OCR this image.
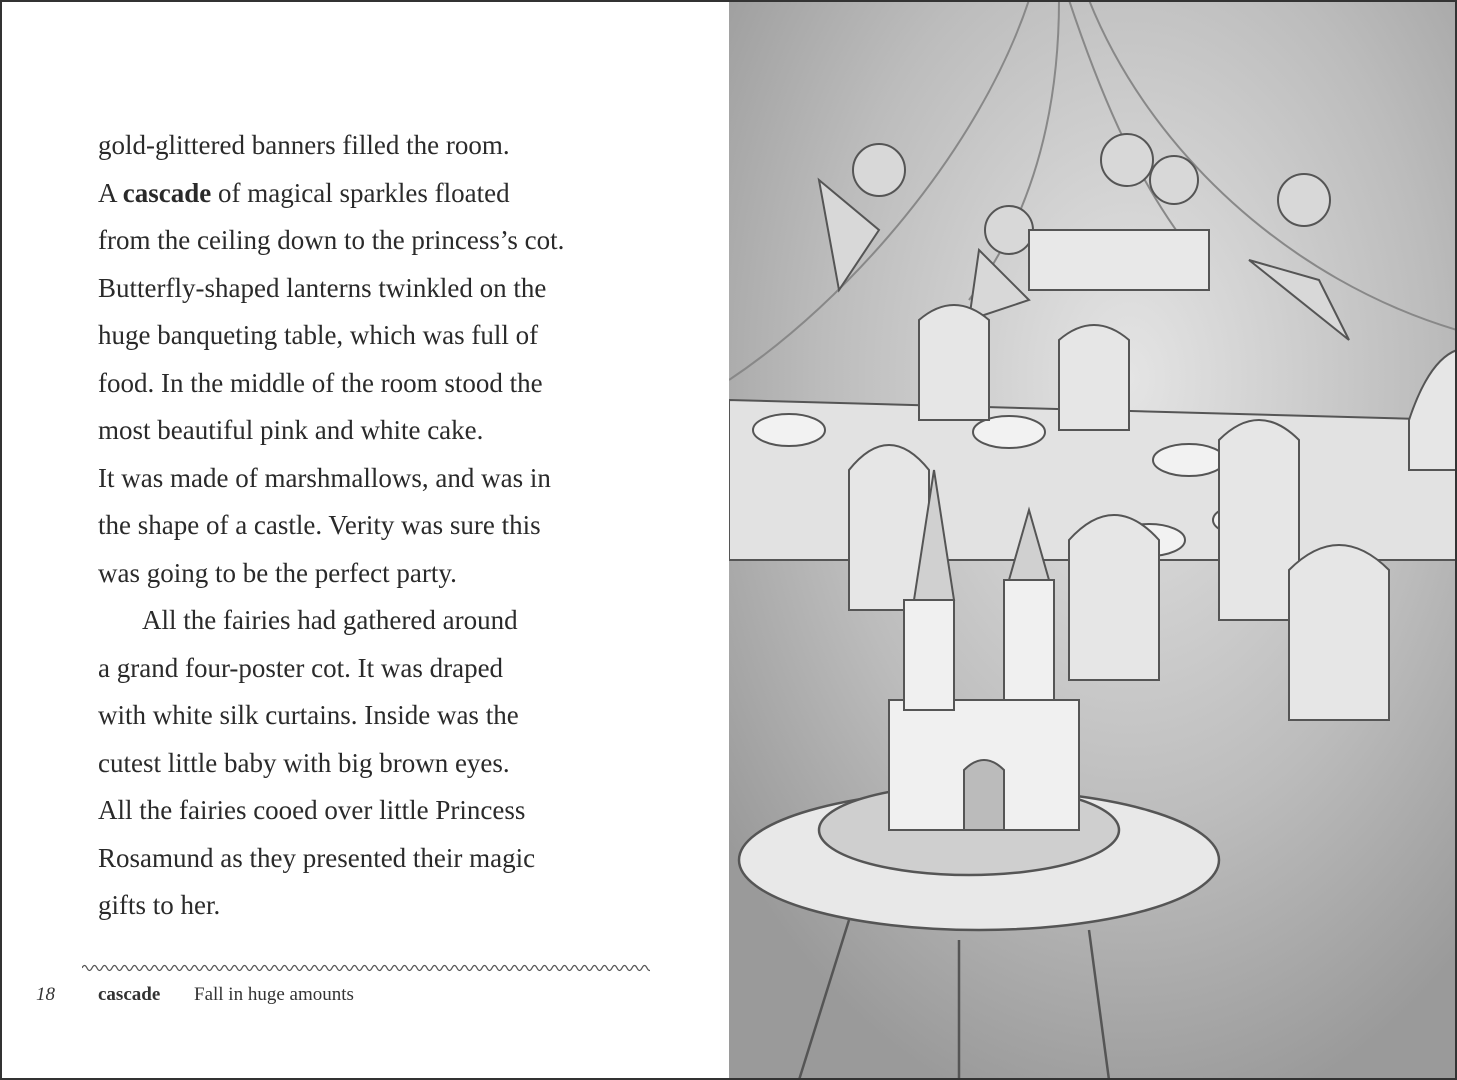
gold-glittered banners filled the room.
A cascade of magical sparkles floated
from the ceiling down to the princess’s cot.
Butterfly-shaped lanterns twinkled on the
huge banqueting table, which was full of
food. In the middle of the room stood the
most beautiful pink and white cake.
It was made of marshmallows, and was in
the shape of a castle. Verity was sure this
was going to be the perfect party.
All the fairies had gathered around
a grand four-poster cot. It was draped
with white silk curtains. Inside was the
cutest little baby with big brown eyes.
All the fairies cooed over little Princess
Rosamund as they presented their magic
gifts to her.
18 cascade Fall in huge amounts
